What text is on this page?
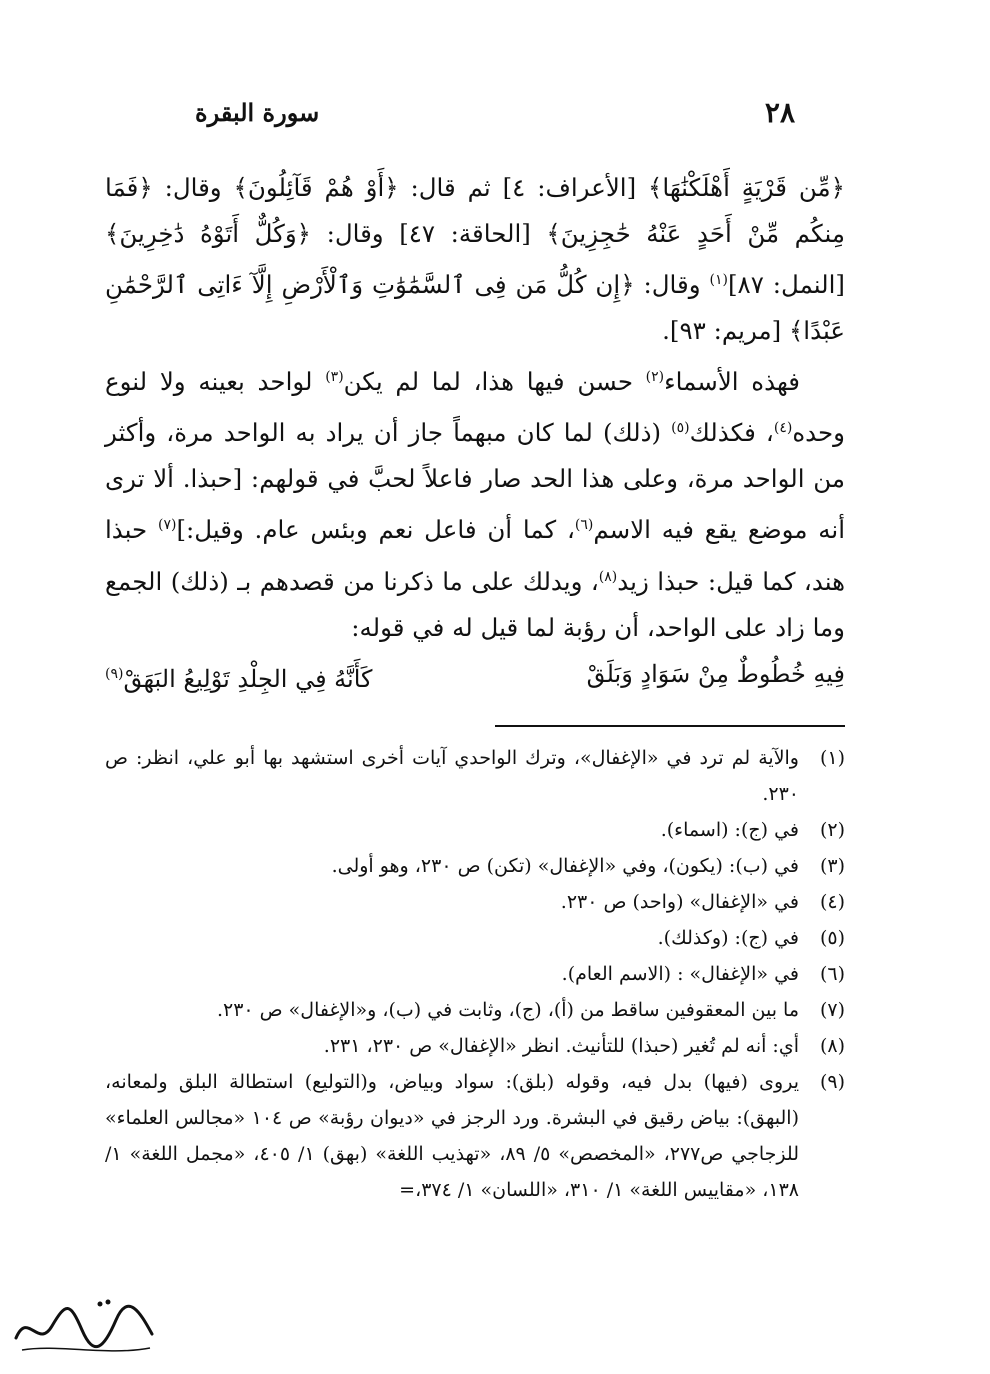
٢٨
سورة البقرة

﴿مِّن قَرْيَةٍ أَهْلَكْنَٰهَا﴾ [الأعراف: ٤] ثم قال: ﴿أَوْ هُمْ قَآئِلُونَ﴾ وقال: ﴿فَمَا مِنكُم مِّنْ أَحَدٍ عَنْهُ حَٰجِزِينَ﴾ [الحاقة: ٤٧] وقال: ﴿وَكُلٌّ أَتَوْهُ دَٰخِرِينَ﴾ [النمل: ٨٧]$^{(١)}$ وقال: ﴿إِن كُلُّ مَن فِى ٱلسَّمَٰوَٰتِ وَٱلْأَرْضِ إِلَّآ ءَاتِى ٱلرَّحْمَٰنِ عَبْدًا﴾ [مريم: ٩٣].

فهذه الأسماء$^{(٢)}$ حسن فيها هذا، لما لم يكن$^{(٣)}$ لواحد بعينه ولا لنوع وحده$^{(٤)}$، فكذلك$^{(٥)}$ (ذلك) لما كان مبهماً جاز أن يراد به الواحد مرة، وأكثر من الواحد مرة، وعلى هذا الحد صار فاعلاً لحبَّ في قولهم: [حبذا. ألا ترى أنه موضع يقع فيه الاسم$^{(٦)}$، كما أن فاعل نعم وبئس عام. وقيل:]$^{(٧)}$ حبذا هند، كما قيل: حبذا زيد$^{(٨)}$، ويدلك على ما ذكرنا من قصدهم بـ (ذلك) الجمع وما زاد على الواحد، أن رؤبة لما قيل له في قوله:

فِيهِ خُطُوطٌ مِنْ سَوَادٍ وَبَلَقْ
كَأَنَّهُ فِي الجِلْدِ تَوْلِيعُ البَهَقْ$^{(٩)}$
(١)
والآية لم ترد في «الإغفال»، وترك الواحدي آيات أخرى استشهد بها أبو علي، انظر: ص ٢٣٠.
(٢)
في (ج): (اسماء).
(٣)
في (ب): (يكون)، وفي «الإغفال» (تكن) ص ٢٣٠، وهو أولى.
(٤)
في «الإغفال» (واحد) ص ٢٣٠.
(٥)
في (ج): (وكذلك).
(٦)
في «الإغفال» : (الاسم العام).
(٧)
ما بين المعقوفين ساقط من (أ)، (ج)، وثابت في (ب)، و«الإغفال» ص ٢٣٠.
(٨)
أي: أنه لم تُغير (حبذا) للتأنيث. انظر «الإغفال» ص ٢٣٠، ٢٣١.
(٩)
يروى (فيها) بدل فيه، وقوله (بلق): سواد وبياض، و(التوليع) استطالة البلق ولمعانه، (البهق): بياض رقيق في البشرة. ورد الرجز في «ديوان رؤبة» ص ١٠٤ «مجالس العلماء» للزجاجي ص٢٧٧، «المخصص» ٥/ ٨٩، «تهذيب اللغة» (بهق) ١/ ٤٠٥، «مجمل اللغة» ١/ ١٣٨، «مقاييس اللغة» ١/ ٣١٠، «اللسان» ١/ ٣٧٤،=
